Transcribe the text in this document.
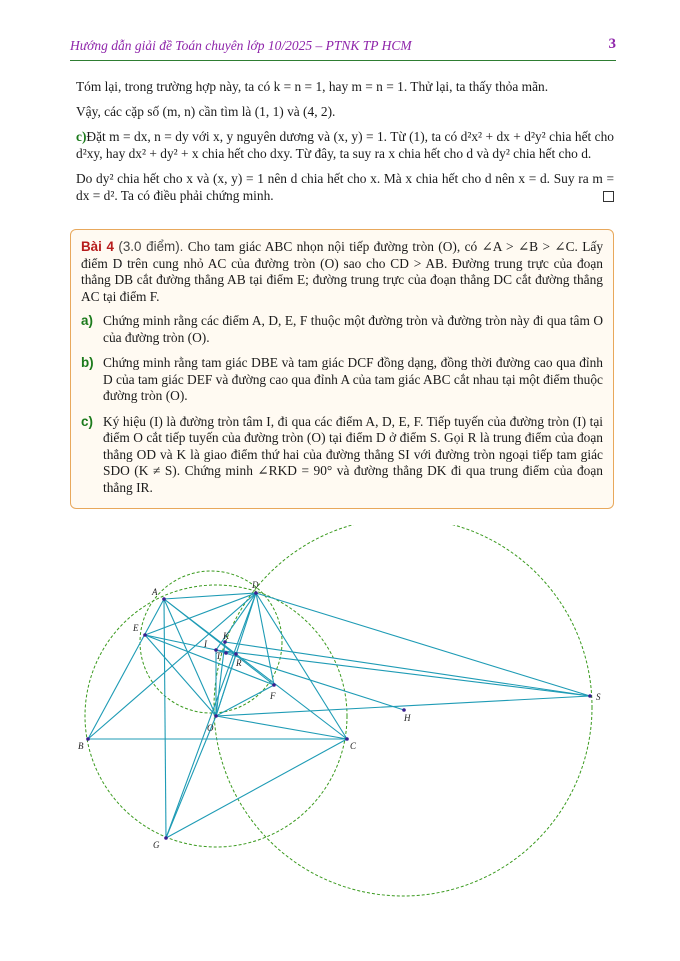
Hướng dẫn giải đề Toán chuyên lớp 10/2025 – PTNK TP HCM	3

Tóm lại, trong trường hợp này, ta có k = n = 1, hay m = n = 1. Thử lại, ta thấy thỏa mãn.

Vậy, các cặp số (m, n) cần tìm là (1, 1) và (4, 2).

c)Đặt m = dx, n = dy với x, y nguyên dương và (x, y) = 1. Từ (1), ta có d²x² + dx + d²y² chia hết cho d²xy, hay dx² + dy² + x chia hết cho dxy. Từ đây, ta suy ra x chia hết cho d và dy² chia hết cho d.

Do dy² chia hết cho x và (x, y) = 1 nên d chia hết cho x. Mà x chia hết cho d nên x = d. Suy ra m = dx = d². Ta có điều phải chứng minh.

Bài 4 (3.0 điểm). Cho tam giác ABC nhọn nội tiếp đường tròn (O), có ∠A > ∠B > ∠C. Lấy điểm D trên cung nhỏ AC của đường tròn (O) sao cho CD > AB. Đường trung trực của đoạn thẳng DB cắt đường thẳng AB tại điểm E; đường trung trực của đoạn thẳng DC cắt đường thẳng AC tại điểm F.

a) Chứng minh rằng các điểm A, D, E, F thuộc một đường tròn và đường tròn này đi qua tâm O của đường tròn (O).
b) Chứng minh rằng tam giác DBE và tam giác DCF đồng dạng, đồng thời đường cao qua đỉnh D của tam giác DEF và đường cao qua đỉnh A của tam giác ABC cắt nhau tại một điểm thuộc đường tròn (O).
c) Ký hiệu (I) là đường tròn tâm I, đi qua các điểm A, D, E, F. Tiếp tuyến của đường tròn (I) tại điểm O cắt tiếp tuyến của đường tròn (O) tại điểm D ở điểm S. Gọi R là trung điểm của đoạn thẳng OD và K là giao điểm thứ hai của đường thẳng SI với đường tròn ngoại tiếp tam giác SDO (K ≠ S). Chứng minh ∠RKD = 90° và đường thẳng DK đi qua trung điểm của đoạn thẳng IR.
A
D
E
B	C
O
F
G
H
S
I
K
T
R
